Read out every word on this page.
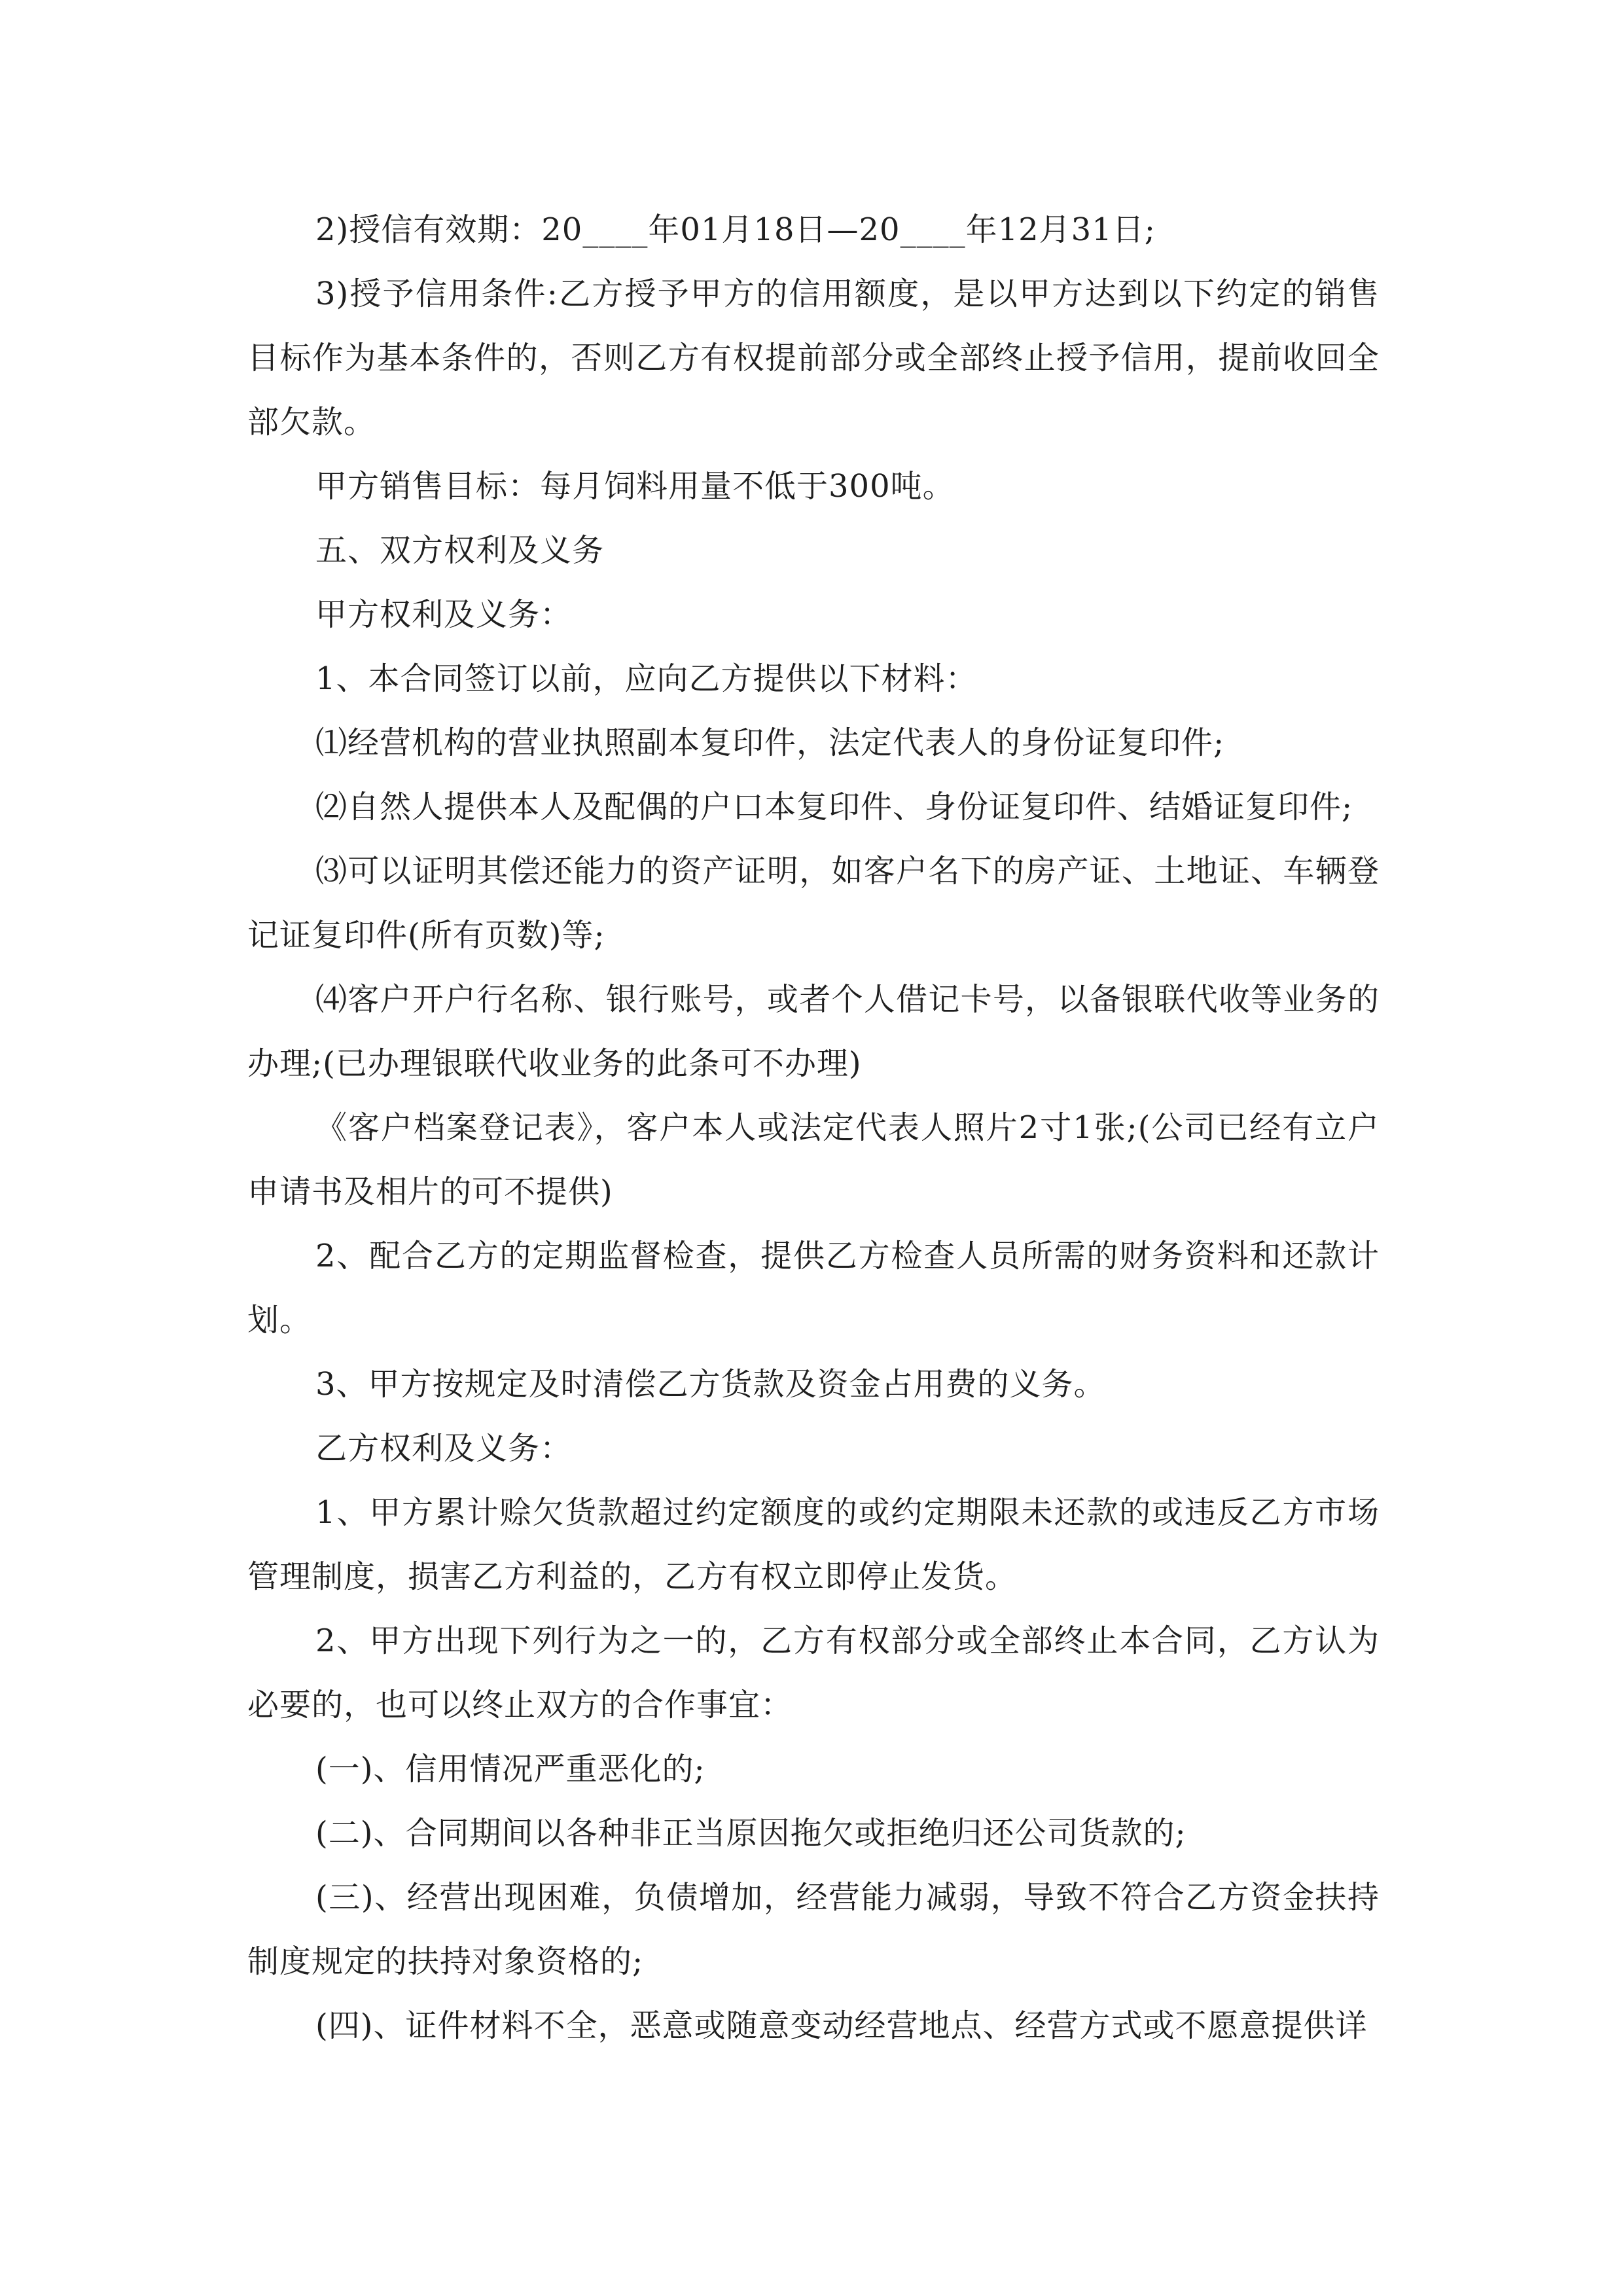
2)授信有效期：20____年01月18日—20____年12月31日;

3)授予信用条件:乙方授予甲方的信用额度，是以甲方达到以下约定的销售目标作为基本条件的，否则乙方有权提前部分或全部终止授予信用，提前收回全部欠款。

甲方销售目标：每月饲料用量不低于300吨。

五、双方权利及义务

甲方权利及义务：

1、本合同签订以前，应向乙方提供以下材料：

⑴经营机构的营业执照副本复印件，法定代表人的身份证复印件;

⑵自然人提供本人及配偶的户口本复印件、身份证复印件、结婚证复印件;

⑶可以证明其偿还能力的资产证明，如客户名下的房产证、土地证、车辆登记证复印件(所有页数)等;

⑷客户开户行名称、银行账号，或者个人借记卡号，以备银联代收等业务的办理;(已办理银联代收业务的此条可不办理)

《客户档案登记表》，客户本人或法定代表人照片2寸1张;(公司已经有立户申请书及相片的可不提供)

2、配合乙方的定期监督检查，提供乙方检查人员所需的财务资料和还款计划。

3、甲方按规定及时清偿乙方货款及资金占用费的义务。

乙方权利及义务：

1、甲方累计赊欠货款超过约定额度的或约定期限未还款的或违反乙方市场管理制度，损害乙方利益的，乙方有权立即停止发货。

2、甲方出现下列行为之一的，乙方有权部分或全部终止本合同，乙方认为必要的，也可以终止双方的合作事宜：

(一)、信用情况严重恶化的;

(二)、合同期间以各种非正当原因拖欠或拒绝归还公司货款的;

(三)、经营出现困难，负债增加，经营能力减弱，导致不符合乙方资金扶持制度规定的扶持对象资格的;

(四)、证件材料不全，恶意或随意变动经营地点、经营方式或不愿意提供详
